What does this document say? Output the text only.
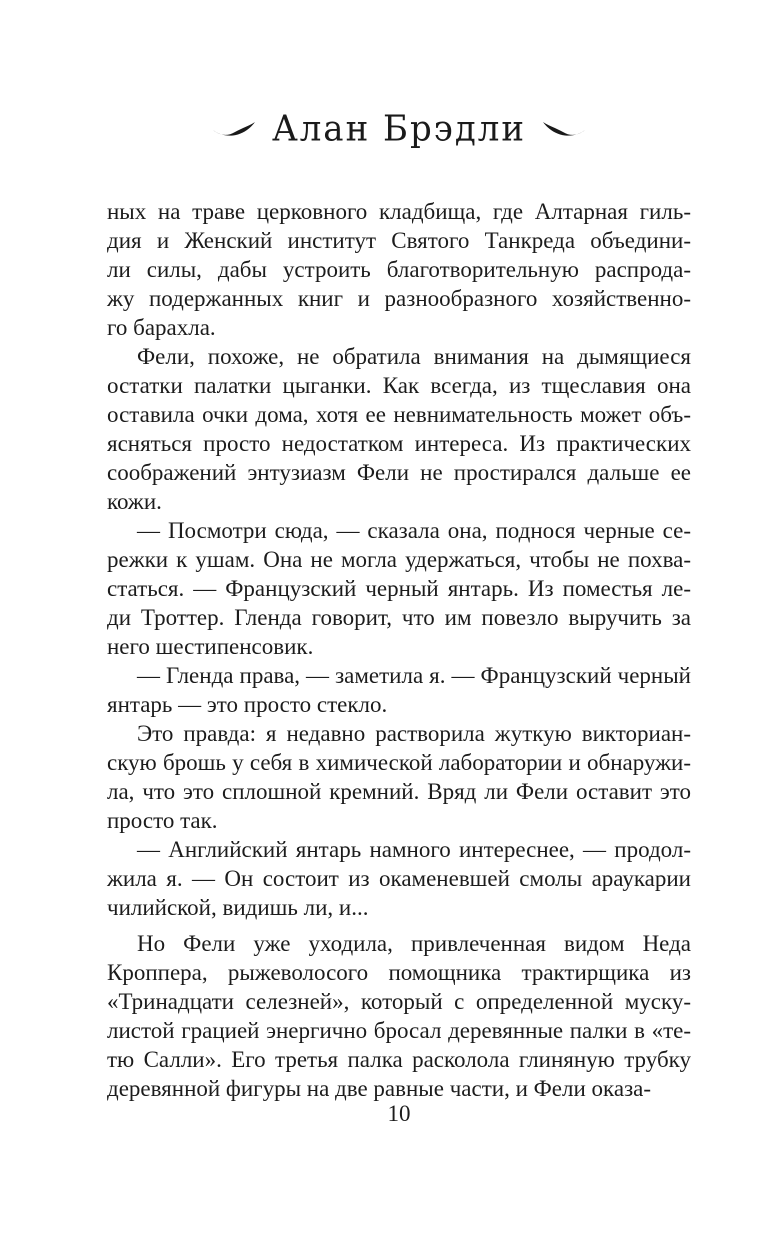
Алан Брэдли

ных на траве церковного кладбища, где Алтарная гиль-
дия и Женский институт Святого Танкреда объедини-
ли силы, дабы устроить благотворительную распрода-
жу подержанных книг и разнообразного хозяйственно-
го барахла.

Фели, похоже, не обратила внимания на дымящиеся
остатки палатки цыганки. Как всегда, из тщеславия она
оставила очки дома, хотя ее невнимательность может объ-
ясняться просто недостатком интереса. Из практических
соображений энтузиазм Фели не простирался дальше ее
кожи.

— Посмотри сюда, — сказала она, поднося черные се-
режки к ушам. Она не могла удержаться, чтобы не похва-
статься. — Французский черный янтарь. Из поместья ле-
ди Троттер. Гленда говорит, что им повезло выручить за
него шестипенсовик.

— Гленда права, — заметила я. — Французский черный
янтарь — это просто стекло.

Это правда: я недавно растворила жуткую викториан-
скую брошь у себя в химической лаборатории и обнаружи-
ла, что это сплошной кремний. Вряд ли Фели оставит это
просто так.

— Английский янтарь намного интереснее, — продол-
жила я. — Он состоит из окаменевшей смолы араукарии
чилийской, видишь ли, и...

Но Фели уже уходила, привлеченная видом Неда
Кроппера, рыжеволосого помощника трактирщика из
«Тринадцати селезней», который с определенной муску-
листой грацией энергично бросал деревянные палки в «те-
тю Салли». Его третья палка расколола глиняную трубку
деревянной фигуры на две равные части, и Фели оказа-

10
